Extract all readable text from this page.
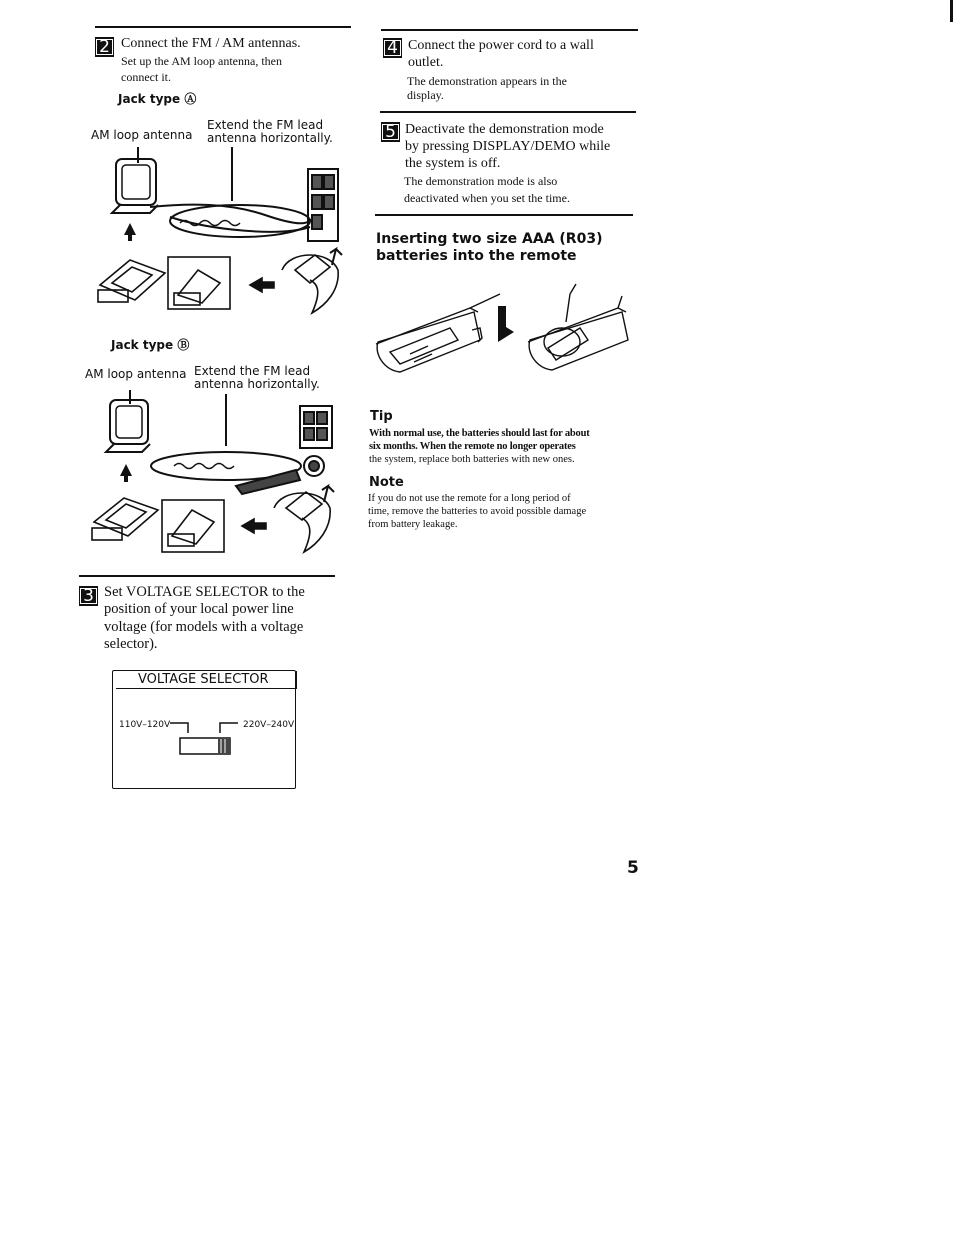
2 Connect the FM / AM antennas.
Set up the AM loop antenna, then
connect it.
Jack type Ⓐ
AM loop antenna
Extend the FM lead
antenna horizontally.
Jack type Ⓑ
AM loop antenna Extend the FM lead
antenna horizontally.
3 Set VOLTAGE SELECTOR to the
position of your local power line
voltage (for models with a voltage
selector).
VOLTAGE SELECTOR
110V–120V	220V–240V
4 Connect the power cord to a wall
outlet.
The demonstration appears in the
display.
5 Deactivate the demonstration mode
by pressing DISPLAY/DEMO while
the system is off.
The demonstration mode is also
deactivated when you set the time.
Inserting two size AAA (R03)
batteries into the remote
Tip
With normal use, the batteries should last for about
six months. When the remote no longer operates
the system, replace both batteries with new ones.
Note
If you do not use the remote for a long period of
time, remove the batteries to avoid possible damage
from battery leakage.
5
